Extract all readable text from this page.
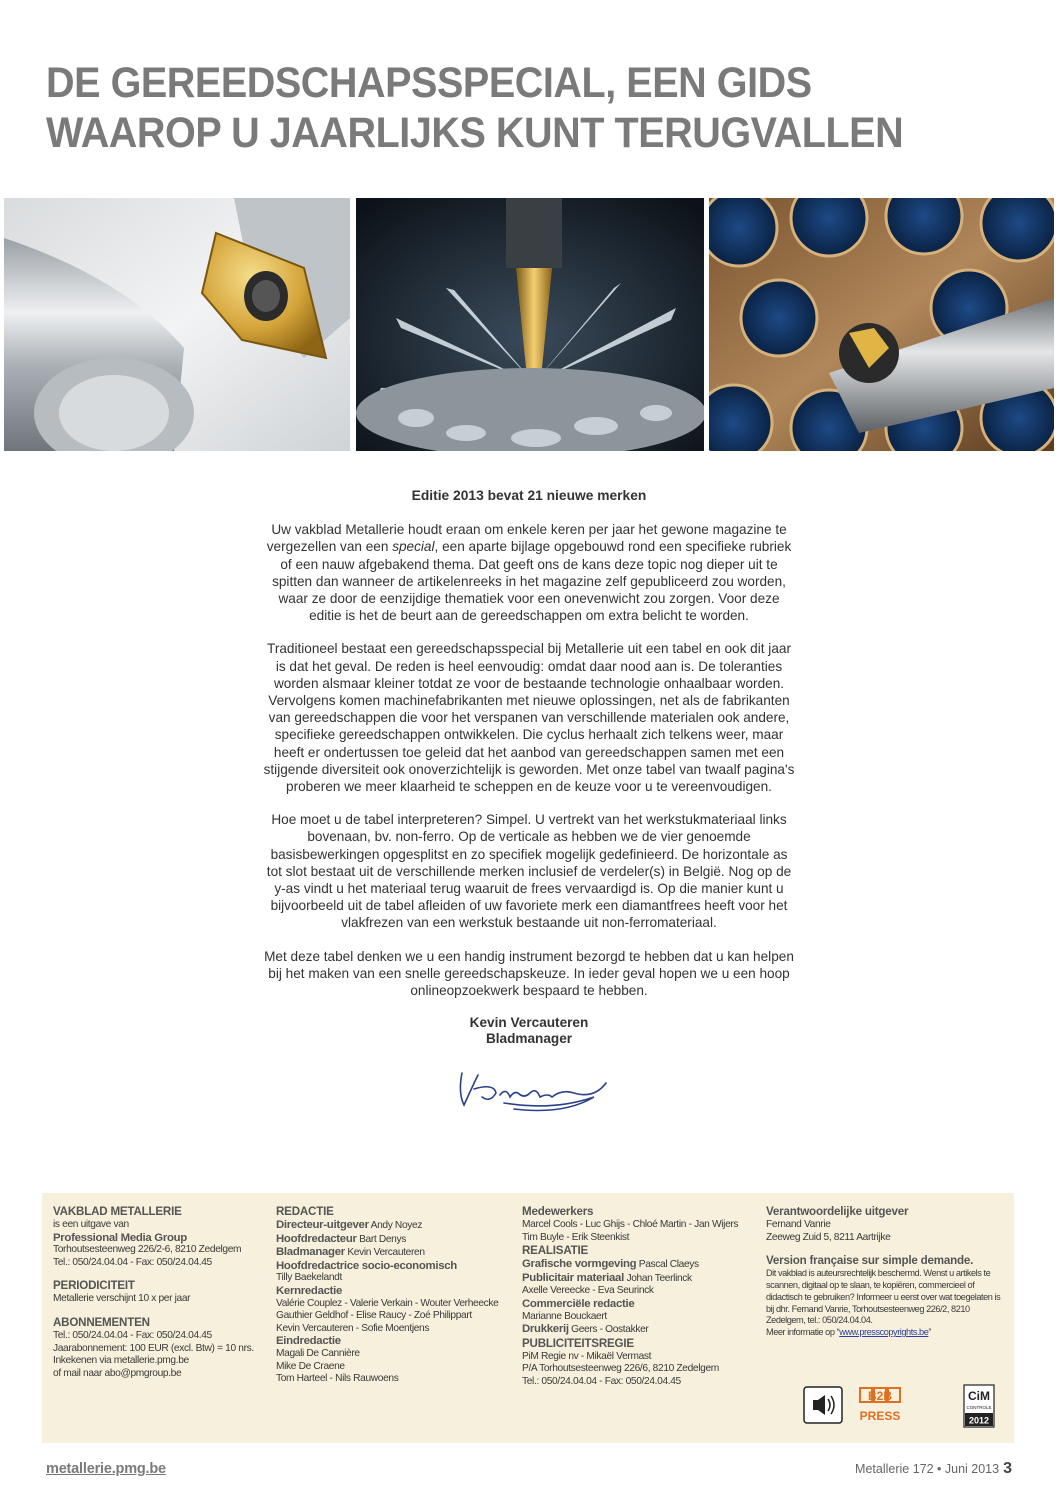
DE GEREEDSCHAPSSPECIAL, EEN GIDS
WAAROP U JAARLIJKS KUNT TERUGVALLEN
Editie 2013 bevat 21 nieuwe merken

Uw vakblad Metallerie houdt eraan om enkele keren per jaar het gewone magazine te vergezellen van een special, een aparte bijlage opgebouwd rond een specifieke rubriek of een nauw afgebakend thema. Dat geeft ons de kans deze topic nog dieper uit te spitten dan wanneer de artikelenreeks in het magazine zelf gepubliceerd zou worden, waar ze door de eenzijdige thematiek voor een onevenwicht zou zorgen. Voor deze editie is het de beurt aan de gereedschappen om extra belicht te worden.

Traditioneel bestaat een gereedschapsspecial bij Metallerie uit een tabel en ook dit jaar is dat het geval. De reden is heel eenvoudig: omdat daar nood aan is. De toleranties worden alsmaar kleiner totdat ze voor de bestaande technologie onhaalbaar worden. Vervolgens komen machinefabrikanten met nieuwe oplossingen, net als de fabrikanten van gereedschappen die voor het verspanen van verschillende materialen ook andere, specifieke gereedschappen ontwikkelen. Die cyclus herhaalt zich telkens weer, maar heeft er ondertussen toe geleid dat het aanbod van gereedschappen samen met een stijgende diversiteit ook onoverzichtelijk is geworden. Met onze tabel van twaalf pagina's proberen we meer klaarheid te scheppen en de keuze voor u te vereenvoudigen.

Hoe moet u de tabel interpreteren? Simpel. U vertrekt van het werkstukmateriaal links bovenaan, bv. non-ferro. Op de verticale as hebben we de vier genoemde basisbewerkingen opgesplitst en zo specifiek mogelijk gedefinieerd. De horizontale as tot slot bestaat uit de verschillende merken inclusief de verdeler(s) in België. Nog op de y-as vindt u het materiaal terug waaruit de frees vervaardigd is. Op die manier kunt u bijvoorbeeld uit de tabel afleiden of uw favoriete merk een diamantfrees heeft voor het vlakfrezen van een werkstuk bestaande uit non-ferromateriaal.

Met deze tabel denken we u een handig instrument bezorgd te hebben dat u kan helpen bij het maken van een snelle gereedschapskeuze. In ieder geval hopen we u een hoop onlineopzoekwerk bespaard te hebben.

Kevin Vercauteren
Bladmanager
VAKBLAD METALLERIE
is een uitgave van
Professional Media Group
Torhoutsesteenweg 226/2-6, 8210 Zedelgem
Tel.: 050/24.04.04 - Fax: 050/24.04.45
PERIODICITEIT
Metallerie verschijnt 10 x per jaar
ABONNEMENTEN
Tel.: 050/24.04.04 - Fax: 050/24.04.45
Jaarabonnement: 100 EUR (excl. Btw) = 10 nrs.
Inkekenen via metallerie.pmg.be
of mail naar abo@pmgroup.be
REDACTIE
Directeur-uitgever Andy Noyez
Hoofdredacteur Bart Denys
Bladmanager Kevin Vercauteren
Hoofdredactrice socio-economisch
Tilly Baekelandt
Kernredactie
Valérie Couplez - Valerie Verkain - Wouter Verheecke
Gauthier Geldhof - Elise Raucy - Zoé Philippart
Kevin Vercauteren - Sofie Moentjens
Eindredactie
Magali De Cannière
Mike De Craene
Tom Harteel - Nils Rauwoens
Medewerkers
Marcel Cools - Luc Ghijs - Chloé Martin - Jan Wijers
Tim Buyle - Erik Steenkist
REALISATIE
Grafische vormgeving Pascal Claeys
Publicitair materiaal Johan Teerlinck
Axelle Vereecke - Eva Seurinck
Commerciële redactie
Marianne Bouckaert
Drukkerij Geers - Oostakker
PUBLICITEITSREGIE
PiM Regie nv - Mikaël Vermast
P/A Torhoutsesteenweg 226/6, 8210 Zedelgem
Tel.: 050/24.04.04 - Fax: 050/24.04.45
Verantwoordelijke uitgever
Fernand Vanrie
Zeeweg Zuid 5, 8211 Aartrijke
Version française sur simple demande.
Dit vakblad is auteursrechtelijk beschermd. Wenst u artikels te scannen, digitaal op te slaan, te kopiëren, commercieel of didactisch te gebruiken? Informeer u eerst over wat toegelaten is bij dhr. Fernand Vanrie, Torhoutsesteenweg 226/2, 8210 Zedelgem, tel.: 050/24.04.04.
Meer informatie op “www.presscopyrights.be”
B2B
PRESS
CiM
CONTROLE
2012
metallerie.pmg.be	Metallerie 172 • Juni 2013 3
